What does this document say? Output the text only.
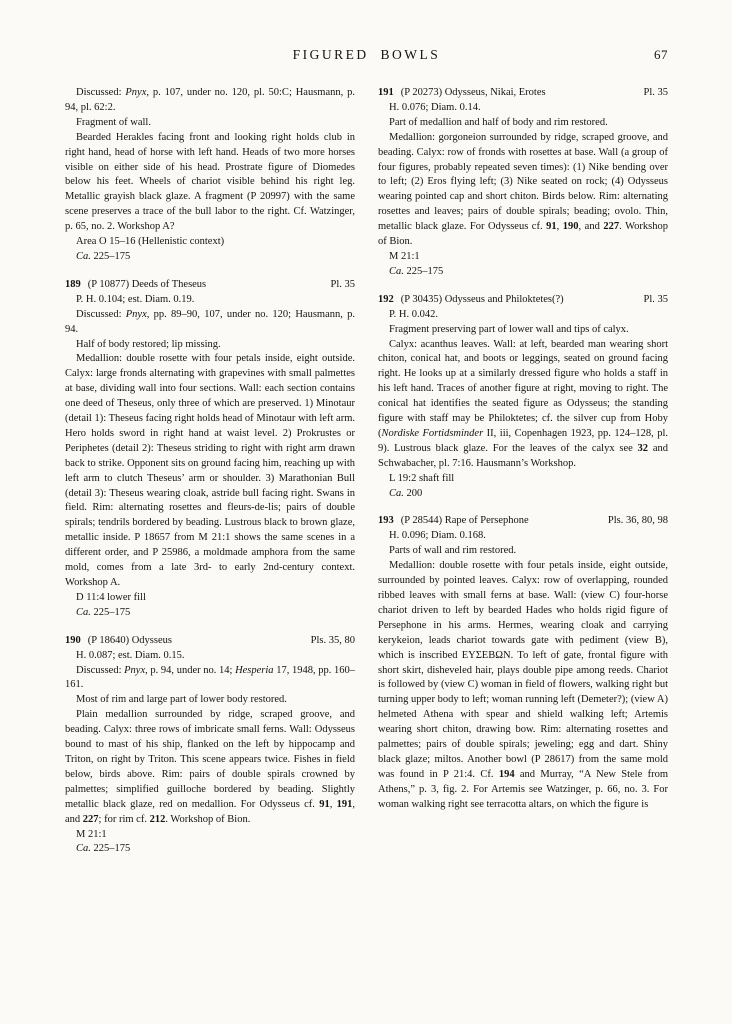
FIGURED BOWLS	67
Discussed: Pnyx, p. 107, under no. 120, pl. 50:C; Hausmann, p. 94, pl. 62:2.
Fragment of wall.
Bearded Herakles facing front and looking right holds club in right hand, head of horse with left hand. Heads of two more horses visible on either side of his head. Prostrate figure of Diomedes below his feet. Wheels of chariot visible behind his right leg. Metallic grayish black glaze. A fragment (P 20997) with the same scene preserves a trace of the bull labor to the right. Cf. Watzinger, p. 65, no. 2. Workshop A?
Area O 15–16 (Hellenistic context)
Ca. 225–175
189 (P 10877) Deeds of Theseus	Pl. 35
P. H. 0.104; est. Diam. 0.19.
Discussed: Pnyx, pp. 89–90, 107, under no. 120; Hausmann, p. 94.
Half of body restored; lip missing.
Medallion: double rosette with four petals inside, eight outside. Calyx: large fronds alternating with grapevines with small palmettes at base, dividing wall into four sections. Wall: each section contains one deed of Theseus, only three of which are preserved. 1) Minotaur (detail 1): Theseus facing right holds head of Minotaur with left arm. Hero holds sword in right hand at waist level. 2) Prokrustes or Periphetes (detail 2): Theseus striding to right with right arm drawn back to strike. Opponent sits on ground facing him, reaching up with left arm to clutch Theseus’ arm or shoulder. 3) Marathonian Bull (detail 3): Theseus wearing cloak, astride bull facing right. Swans in field. Rim: alternating rosettes and fleurs-de-lis; pairs of double spirals; tendrils bordered by beading. Lustrous black to brown glaze, metallic inside. P 18657 from M 21:1 shows the same scenes in a different order, and P 25986, a moldmade amphora from the same mold, comes from a late 3rd- to early 2nd-century context. Workshop A.
D 11:4 lower fill
Ca. 225–175
190 (P 18640) Odysseus	Pls. 35, 80
H. 0.087; est. Diam. 0.15.
Discussed: Pnyx, p. 94, under no. 14; Hesperia 17, 1948, pp. 160–161.
Most of rim and large part of lower body restored.
Plain medallion surrounded by ridge, scraped groove, and beading. Calyx: three rows of imbricate small ferns. Wall: Odysseus bound to mast of his ship, flanked on the left by hippocamp and Triton, on right by Triton. This scene appears twice. Fishes in field below, birds above. Rim: pairs of double spirals crowned by palmettes; simplified guilloche bordered by beading. Slightly metallic black glaze, red on medallion. For Odysseus cf. 91, 191, and 227; for rim cf. 212. Workshop of Bion.
M 21:1
Ca. 225–175
191 (P 20273) Odysseus, Nikai, Erotes	Pl. 35
H. 0.076; Diam. 0.14.
Part of medallion and half of body and rim restored.
Medallion: gorgoneion surrounded by ridge, scraped groove, and beading. Calyx: row of fronds with rosettes at base. Wall (a group of four figures, probably repeated seven times): (1) Nike bending over to left; (2) Eros flying left; (3) Nike seated on rock; (4) Odysseus wearing pointed cap and short chiton. Birds below. Rim: alternating rosettes and leaves; pairs of double spirals; beading; ovolo. Thin, metallic black glaze. For Odysseus cf. 91, 190, and 227. Workshop of Bion.
M 21:1
Ca. 225–175
192 (P 30435) Odysseus and Philoktetes(?)	Pl. 35
P. H. 0.042.
Fragment preserving part of lower wall and tips of calyx.
Calyx: acanthus leaves. Wall: at left, bearded man wearing short chiton, conical hat, and boots or leggings, seated on ground facing right. He looks up at a similarly dressed figure who holds a staff in his left hand. Traces of another figure at right, moving to right. The conical hat identifies the seated figure as Odysseus; the standing figure with staff may be Philoktetes; cf. the silver cup from Hoby (Nordiske Fortidsminder II, iii, Copenhagen 1923, pp. 124–128, pl. 9). Lustrous black glaze. For the leaves of the calyx see 32 and Schwabacher, pl. 7:16. Hausmann’s Workshop.
L 19:2 shaft fill
Ca. 200
193 (P 28544) Rape of Persephone	Pls. 36, 80, 98
H. 0.096; Diam. 0.168.
Parts of wall and rim restored.
Medallion: double rosette with four petals inside, eight outside, surrounded by pointed leaves. Calyx: row of overlapping, rounded ribbed leaves with small ferns at base. Wall: (view C) four-horse chariot driven to left by bearded Hades who holds rigid figure of Persephone in his arms. Hermes, wearing cloak and carrying kerykeion, leads chariot towards gate with pediment (view B), which is inscribed ΕΥΣΕΒΩΝ. To left of gate, frontal figure with short skirt, disheveled hair, plays double pipe among reeds. Chariot is followed by (view C) woman in field of flowers, walking right but turning upper body to left; woman running left (Demeter?); (view A) helmeted Athena with spear and shield walking left; Artemis wearing short chiton, drawing bow. Rim: alternating rosettes and palmettes; pairs of double spirals; jeweling; egg and dart. Shiny black glaze; miltos. Another bowl (P 28617) from the same mold was found in P 21:4. Cf. 194 and Murray, “A New Stele from Athens,” p. 3, fig. 2. For Artemis see Watzinger, p. 66, no. 3. For woman walking right see terracotta altars, on which the figure is
